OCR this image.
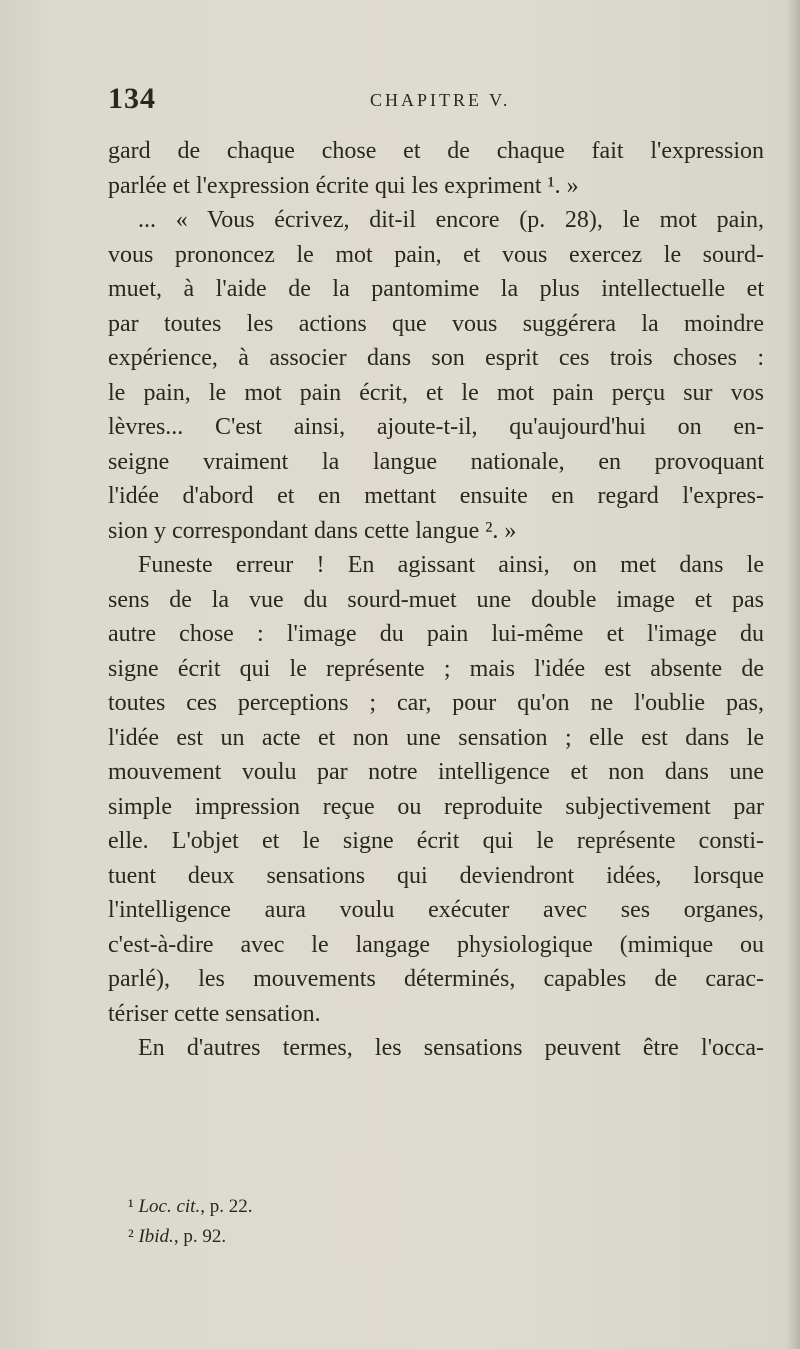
134	CHAPITRE V.
gard de chaque chose et de chaque fait l'expression
parlée et l'expression écrite qui les expriment ¹. »
... « Vous écrivez, dit-il encore (p. 28), le mot pain,
vous prononcez le mot pain, et vous exercez le sourd-
muet, à l'aide de la pantomime la plus intellectuelle et
par toutes les actions que vous suggérera la moindre
expérience, à associer dans son esprit ces trois choses :
le pain, le mot pain écrit, et le mot pain perçu sur vos
lèvres... C'est ainsi, ajoute-t-il, qu'aujourd'hui on en-
seigne vraiment la langue nationale, en provoquant
l'idée d'abord et en mettant ensuite en regard l'expres-
sion y correspondant dans cette langue ². »
Funeste erreur ! En agissant ainsi, on met dans le
sens de la vue du sourd-muet une double image et pas
autre chose : l'image du pain lui-même et l'image du
signe écrit qui le représente ; mais l'idée est absente de
toutes ces perceptions ; car, pour qu'on ne l'oublie pas,
l'idée est un acte et non une sensation ; elle est dans le
mouvement voulu par notre intelligence et non dans une
simple impression reçue ou reproduite subjectivement par
elle. L'objet et le signe écrit qui le représente consti-
tuent deux sensations qui deviendront idées, lorsque
l'intelligence aura voulu exécuter avec ses organes,
c'est-à-dire avec le langage physiologique (mimique ou
parlé), les mouvements déterminés, capables de carac-
tériser cette sensation.
En d'autres termes, les sensations peuvent être l'occa-
¹ Loc. cit., p. 22.
² Ibid., p. 92.
